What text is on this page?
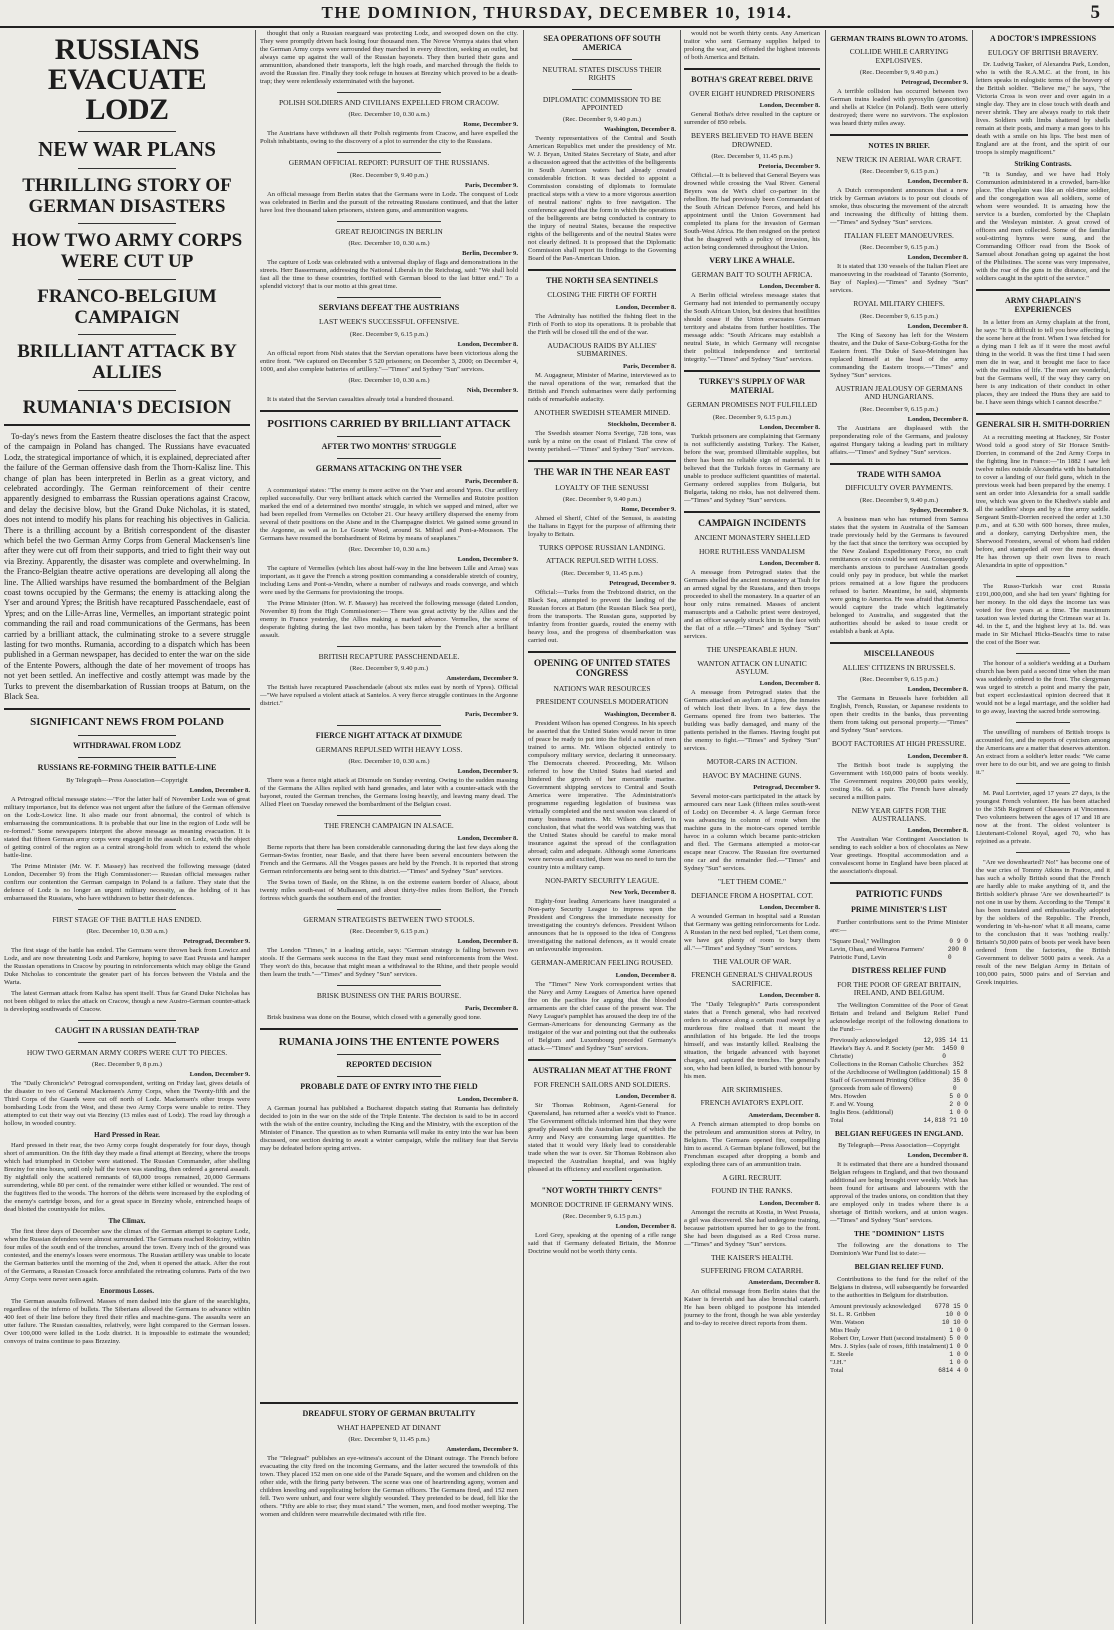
THE DOMINION, THURSDAY, DECEMBER 10, 1914.	5
RUSSIANS EVACUATE LODZ
NEW WAR PLANS
THRILLING STORY OF GERMAN DISASTERS
HOW TWO ARMY CORPS WERE CUT UP
FRANCO-BELGIUM CAMPAIGN
BRILLIANT ATTACK BY ALLIES
RUMANIA'S DECISION

To-day's news from the Eastern theatre discloses the fact that the aspect of the campaign in Poland has changed. The Russians have evacuated Lodz, the strategical importance of which, it is explained, depreciated after the failure of the German offensive dash from the Thorn-Kalisz line. This change of plan has been interpreted in Berlin as a great victory, and celebrated accordingly. The German reinforcement of their centre apparently designed to embarrass the Russian operations against Cracow, and delay the decisive blow, but the Grand Duke Nicholas, it is stated, does not intend to modify his plans for reaching his objectives in Galicia. There is a thrilling account by a British correspondent of the disaster which befel the two German Army Corps from General Mackensen's line after they were cut off from their supports, and tried to fight their way out via Breziny. Apparently, the disaster was complete and overwhelming. In the Franco-Belgian theatre active operations are developing all along the line. The Allied warships have resumed the bombardment of the Belgian coast towns occupied by the Germans; the enemy is attacking along the Yser and around Ypres; the British have recaptured Passchendaele, east of Ypres; and on the Lille-Arras line, Vermelles, an important strategic point commanding the rail and road communications of the Germans, has been carried by a brilliant attack, the culminating stroke to a severe struggle lasting for two months. Rumania, according to a dispatch which has been published in a German newspaper, has decided to enter the war on the side of the Entente Powers, although the date of her movement of troops has not yet been settled. An ineffective and costly attempt was made by the Turks to prevent the disembarkation of Russian troops at Batum, on the Black Sea.

SIGNIFICANT NEWS FROM POLAND
WITHDRAWAL FROM LODZ
RUSSIANS RE-FORMING THEIR BATTLE-LINE
By Telegraph—Press Association—Copyright
London, December 8.

A Petrograd official message states:—"For the latter half of November Lodz was of great military importance, but its defence was not urgent after the failure of the German offensive on the Lodz-Lowicz line. It also made our front abnormal, the control of which is embarrassing the communications. It is probable that our line in the region of Lodz will be re-formed." Some newspapers interpret the above message as meaning evacuation. It is stated that fifteen German army corps were engaged in the assault on Lodz, with the object of getting control of the region as a central strong-hold from which to extend the whole battle-line.

The Prime Minister (Mr. W. F. Massey) has received the following message (dated London, December 9) from the High Commissioner:— Russian official messages rather confirm our contention the German campaign in Poland is a failure. They state that the defence of Lodz is no longer an urgent military necessity, as the holding of it has embarrassed the Russians, who have withdrawn to better their defences.

FIRST STAGE OF THE BATTLE HAS ENDED.
(Rec. December 10, 0.30 a.m.)
Petrograd, December 9.

The first stage of the battle has ended. The Germans were thrown back from Lowicz and Lodz, and are now threatening Lodz and Parnkow, hoping to save East Prussia and hamper the Russian operations in Cracow by pouring in reinforcements which may oblige the Grand Duke Nicholas to concentrate the greater part of his forces between the Vistula and the Warta.

The latest German attack from Kalisz has spent itself. Thus far Grand Duke Nicholas has not been obliged to relax the attack on Cracow, though a new Austro-German counter-attack is developing southwards of Cracow.

CAUGHT IN A RUSSIAN DEATH-TRAP
HOW TWO GERMAN ARMY CORPS WERE CUT TO PIECES.
(Rec. December 9, 8 p.m.)
London, December 9.

The "Daily Chronicle's" Petrograd correspondent, writing on Friday last, gives details of the disaster to two of General Mackensen's Army Corps, when the Twenty-fifth and the Third Corps of the Guards were cut off north of Lodz. Mackensen's other troops were bombarding Lodz from the West, and these two Army Corps were unable to retire. They attempted to cut their way out via Breziny (13 miles east of Lodz). The road lay through a hollow, in wooded country.

Hard Pressed in Rear.

Hard pressed in their rear, the two Army corps fought desperately for four days, though short of ammunition. On the fifth day they made a final attempt at Breziny, where the troops which had triumphed in October were stationed. The Russian Commander, after shelling Breziny for nine hours, until only half the town was standing, then ordered a general assault. By nightfall only the scattered remnants of 60,000 troops remained, 20,000 Germans surrendering, while 80 per cent. of the remainder were either killed or wounded. The rest of the fugitives fled to the woods. The horrors of the débris were increased by the exploding of the enemy's cartridge boxes, and for a great space in Breziny whole, entrenched heaps of dead blotted the countryside for miles.

The Climax.

The first three days of December saw the climax of the German attempt to capture Lodz, when the Russian defenders were almost surrounded. The Germans reached Rokiciny, within four miles of the south end of the trenches, around the town. Every inch of the ground was contested, and the enemy's losses were enormous. The Russian artillery was unable to locate the German batteries until the morning of the 2nd, when it opened the attack. After the rout of the Germans, a Russian Cossack force annihilated the retreating columns. Parts of the two Army Corps were never seen again.

Enormous Losses.

The German assaults followed. Masses of men dashed into the glare of the searchlights, regardless of the inferno of bullets. The Siberians allowed the Germans to advance within 400 feet of their line before they fired their rifles and machine-guns. The assaults were an utter failure. The Russian casualties, relatively, were light compared to the German losses. Over 100,000 were killed in the Lodz district. It is impossible to estimate the wounded; convoys of trains continue to pass Brzeziny.

thought that only a Russian rearguard was protecting Lodz, and swooped down on the city. They were promptly driven back losing four thousand men. The Novoe Vremya states that when the German Army corps were surrounded they marched in every direction, seeking an outlet, but always came up against the wall of the Russian bayonets. They then buried their guns and ammunition, abandoned their transports, left the high roads, and marched through the fields to avoid the Russian fire. Finally they took refuge in houses at Breziny which proved to be a death-trap; they were relentlessly exterminated with the bayonet.

POLISH SOLDIERS AND CIVILIANS EXPELLED FROM CRACOW.
(Rec. December 10, 0.30 a.m.)
Rome, December 9.

The Austrians have withdrawn all their Polish regiments from Cracow, and have expelled the Polish inhabitants, owing to the discovery of a plot to surrender the city to the Russians.

GERMAN OFFICIAL REPORT: PURSUIT OF THE RUSSIANS.
(Rec. December 9, 9.40 p.m.)
Paris, December 9.

An official message from Berlin states that the Germans were in Lodz. The conquest of Lodz was celebrated in Berlin and the pursuit of the retreating Russians continued, and that the latter have lost five thousand taken prisoners, sixteen guns, and ammunition wagons.

GREAT REJOICINGS IN BERLIN
(Rec. December 10, 0.30 a.m.)
Berlin, December 9.

The capture of Lodz was celebrated with a universal display of flags and demonstrations in the streets. Herr Bassermann, addressing the National Liberals in the Reichstag, said: "We shall hold fast all the time to these countries, fortified with German blood to the last bitter end." To a splendid victory! that is our motto at this great time.

SERVIANS DEFEAT THE AUSTRIANS
LAST WEEK'S SUCCESSFUL OFFENSIVE.
(Rec. December 9, 6.15 p.m.)
London, December 8.

An official report from Nish states that the Servian operations have been victorious along the entire front. "We captured on December 5 520 prisoners; on December 3, 2000; on December 4, 1000, and also complete batteries of artillery."—"Times" and Sydney "Sun" services.

(Rec. December 10, 0.30 a.m.)
Nish, December 9.

It is stated that the Servian casualties already total a hundred thousand.

POSITIONS CARRIED BY BRILLIANT ATTACK
AFTER TWO MONTHS' STRUGGLE
GERMANS ATTACKING ON THE YSER
Paris, December 8.

A communiqué states: "The enemy is more active on the Yser and around Ypres. Our artillery replied successfully. Our very brilliant attack which carried the Vermelles and Rutoire position marked the end of a determined two months' struggle, in which we sapped and mined, after we had been repelled from Vermelles on October 21. Our heavy artillery dispersed the enemy from several of their positions on the Aisne and in the Champagne district. We gained some ground in the Argonne, as well as in Le Gourie Wood, around St. Mihiel and Pont-a-Mousson. The Germans have resumed the bombardment of Reims by means of seaplanes."

(Rec. December 10, 0.30 a.m.)
London, December 9.

The capture of Vermelles (which lies about half-way in the line between Lille and Arras) was important, as it gave the French a strong position commanding a considerable stretch of country, including Lens and Pont-a-Vendin, where a number of railways and roads converge, and which were used by the Germans for provisioning the troops.

The Prime Minister (Hon. W. F. Massey) has received the following message (dated London, November 8) from the High Commissioner:— There was great activity by the Allies and the enemy in France yesterday, the Allies making a marked advance. Vermelles, the scene of desperate fighting during the last two months, has been taken by the French after a brilliant assault.

BRITISH RECAPTURE PASSCHENDAELE.
(Rec. December 9, 9.40 p.m.)
Amsterdam, December 9.

The British have recaptured Passchendaele (about six miles east by north of Ypres). Official—"We have repulsed a violent attack at Santelos. A very fierce struggle continues in the Argonne district."

Paris, December 9.
FIERCE NIGHT ATTACK AT DIXMUDE
GERMANS REPULSED WITH HEAVY LOSS.
(Rec. December 10, 0.30 a.m.)
London, December 9.

There was a fierce night attack at Dixmude on Sunday evening. Owing to the sudden massing of the Germans the Allies replied with hand grenades, and later with a counter-attack with the bayonet, routed the German trenches, the Germans losing heavily, and leaving many dead. The Allied Fleet on Tuesday renewed the bombardment of the Belgian coast.

THE FRENCH CAMPAIGN IN ALSACE.
London, December 8.

Berne reports that there has been considerable cannonading during the last few days along the German-Swiss frontier, near Basle, and that there have been several encounters between the French and the Germans. All the Vosges passes are held by the French. It is reported that strong German reinforcements are being sent to this district.—"Times" and Sydney "Sun" services.

The Swiss town of Basle, on the Rhine, is on the extreme eastern border of Alsace, about twenty miles south-east of Mulhausen, and about thirty-five miles from Belfort, the French fortress which guards the southern end of the frontier.

GERMAN STRATEGISTS BETWEEN TWO STOOLS.
(Rec. December 9, 6.15 p.m.)
London, December 8.

The London "Times," in a leading article, says: "German strategy is falling between two stools. If the Germans seek success in the East they must send reinforcements from the West. They won't do this, because that might mean a withdrawal to the Rhine, and their people would then learn the truth."—"Times" and Sydney "Sun" services.

BRISK BUSINESS ON THE PARIS BOURSE.
Paris, December 8.

Brisk business was done on the Bourse, which closed with a generally good tone.

RUMANIA JOINS THE ENTENTE POWERS
REPORTED DECISION
PROBABLE DATE OF ENTRY INTO THE FIELD
London, December 8.

A German journal has published a Bucharest dispatch stating that Rumania has definitely decided to join in the war on the side of the Triple Entente. The decision is said to be in accord with the wish of the entire country, including the King and the Ministry, with the exception of the Minister of Finance. The question as to when Rumania will make its entry into the war has been discussed, one section desiring to await a winter campaign, while the military fear that Servia may be defeated before spring arrives.

DREADFUL STORY OF GERMAN BRUTALITY
WHAT HAPPENED AT DINANT
(Rec. December 9, 11.45 p.m.)
Amsterdam, December 9.

The "Telegraaf" publishes an eye-witness's account of the Dinant outrage. The French before evacuating the city fired on the incoming Germans, and the latter secured the townsfolk of this town. They placed 152 men on one side of the Parade Square, and the women and children on the other side, with the firing party between. The scene was one of heartrending agony, women and children kneeling and supplicating before the German officers. The Germans fired, and 152 men fell. Two were unhurt, and four were slightly wounded. They pretended to be dead, fell like the others. "Fifty are able to rise; they must stand." The women, men, and food mother weeping. The women and children were meanwhile decimated with rifle fire.

SEA OPERATIONS OFF SOUTH AMERICA
NEUTRAL STATES DISCUSS THEIR RIGHTS
DIPLOMATIC COMMISSION TO BE APPOINTED
(Rec. December 9, 9.40 p.m.)
Washington, December 8.

Twenty representatives of the Central and South American Republics met under the presidency of Mr. W. J. Bryan, United States Secretary of State, and after a discussion agreed that the activities of the belligerents in South American waters had already created considerable friction. It was decided to appoint a Commission consisting of diplomats to formulate practical steps with a view to a more vigorous assertion of neutral nations' rights to free navigation. The conference agreed that the form in which the operations of the belligerents are being conducted is contrary to the injury of neutral States, because the respective rights of the belligerents and of the neutral States were not clearly defined. It is proposed that the Diplomatic Commission shall report its findings to the Governing Board of the Pan-American Union.

THE NORTH SEA SENTINELS
CLOSING THE FIRTH OF FORTH
London, December 8.

The Admiralty has notified the fishing fleet in the Firth of Forth to stop its operations. It is probable that the Firth will be closed till the end of the war.

AUDACIOUS RAIDS BY ALLIES' SUBMARINES.
Paris, December 8.

M. Augagneur, Minister of Marine, interviewed as to the naval operations of the war, remarked that the British and French submarines were daily performing raids of remarkable audacity.

ANOTHER SWEDISH STEAMER MINED.
Stockholm, December 8.

The Swedish steamer Norra Sverige, 728 tons, was sunk by a mine on the coast of Finland. The crew of twenty perished.—"Times" and Sydney "Sun" services.

THE WAR IN THE NEAR EAST
LOYALTY OF THE SENUSSI
(Rec. December 9, 9.40 p.m.)
Rome, December 9.

Ahmed el Sherif, Chief of the Senussi, is assisting the Italians in Egypt for the purpose of affirming their loyalty to Britain.

TURKS OPPOSE RUSSIAN LANDING.
ATTACK REPULSED WITH LOSS.
(Rec. December 9, 11.45 p.m.)
Petrograd, December 9.

Official:—Turks from the Trebizond district, on the Black Sea, attempted to prevent the landing of the Russian forces at Batum (the Russian Black Sea port), from the transports. The Russian guns, supported by infantry from frontier guards, routed the enemy with heavy loss, and the progress of disembarkation was carried out.

OPENING OF UNITED STATES CONGRESS
NATION'S WAR RESOURCES
PRESIDENT COUNSELS MODERATION
Washington, December 8.

President Wilson has opened Congress. In his speech he asserted that the United States would never in time of peace be ready to put into the field a nation of men trained to arms. Mr. Wilson objected entirely to compulsory military service, declaring it unnecessary. The Democrats cheered. Proceeding, Mr. Wilson referred to how the United States had started and hindered the growth of her mercantile marine. Government shipping services to Central and South America were imperative. The Administration's programme regarding legislation of business was virtually completed and the next session was cleared of many business matters. Mr. Wilson declared, in conclusion, that what the world was watching was that the United States should be careful to make moral insurance against the spread of the conflagration abroad; calm and adequate. Although some Americans were nervous and excited, there was no need to turn the country into a military camp.

NON-PARTY SECURITY LEAGUE.
New York, December 8.

Eighty-four leading Americans have inaugurated a Non-party Security League to impress upon the President and Congress the immediate necessity for investigating the country's defences. President Wilson announces that he is opposed to the idea of Congress investigating the national defences, as it would create an unfavourable impression.

GERMAN-AMERICAN FEELING ROUSED.
London, December 8.

The "Times'" New York correspondent writes that the Navy and Army Leagues of America have opened fire on the pacifists for arguing that the blooded armaments are the chief cause of the present war. The Navy League's pamphlet has aroused the deep ire of the German-Americans for denouncing Germany as the instigator of the war and pointing out that the outbreaks of Belgium and Luxembourg preceded Germany's attack.—"Times" and Sydney "Sun" services.

AUSTRALIAN MEAT AT THE FRONT
FOR FRENCH SAILORS AND SOLDIERS.
London, December 8.

Sir Thomas Robinson, Agent-General for Queensland, has returned after a week's visit to France. The Government officials informed him that they were greatly pleased with the Australian meat, of which the Army and Navy are consuming large quantities. He stated that it would very likely lead to considerable trade when the war is over. Sir Thomas Robinson also inspected the Australian hospital, and was highly pleased at its efficiency and excellent organisation.

"NOT WORTH THIRTY CENTS"
MONROE DOCTRINE IF GERMANY WINS.
(Rec. December 9, 6.15 p.m.)
London, December 8.

Lord Grey, speaking at the opening of a rifle range said that if Germany defeated Britain, the Monroe Doctrine would not be worth thirty cents.

would not be worth thirty cents. Any American traitor who sent Germany supplies helped to prolong the war, and offended the highest interests of both America and Britain.

BOTHA'S GREAT REBEL DRIVE
OVER EIGHT HUNDRED PRISONERS
London, December 8.

General Botha's drive resulted in the capture or surrender of 850 rebels.

BEYERS BELIEVED TO HAVE BEEN DROWNED.
(Rec. December 9, 11.45 p.m.)
Pretoria, December 9.

Official.—It is believed that General Beyers was drowned while crossing the Vaal River. General Beyers was de Wet's chief co-partner in the rebellion. He had previously been Commandant of the South African Defence Forces, and held his appointment until the Union Government had completed its plans for the invasion of German South-West Africa. He then resigned on the pretext that he disagreed with a policy of invasion, his action being condemned throughout the Union.

VERY LIKE A WHALE.
GERMAN BAIT TO SOUTH AFRICA.
London, December 8.

A Berlin official wireless message states that Germany had not intended to permanently occupy the South African Union, but desires that hostilities should cease if the Union evacuates German territory and abstains from further hostilities. The message adds: "South Africans may establish a neutral State, in which Germany will recognise their political independence and territorial integrity."—"Times" and Sydney "Sun" services.

TURKEY'S SUPPLY OF WAR MATERIAL
GERMAN PROMISES NOT FULFILLED
(Rec. December 9, 6.15 p.m.)
London, December 8.

Turkish prisoners are complaining that Germany is not sufficiently assisting Turkey. The Kaiser, before the war, promised illimitable supplies, but there has been no reliable sign of material. It is believed that the Turkish forces in Germany are unable to produce sufficient quantities of material. Germany ordered supplies from Bulgaria, but Bulgaria, taking no risks, has not delivered them.—"Times" and Sydney "Sun" services.

CAMPAIGN INCIDENTS
ANCIENT MONASTERY SHELLED
HORE RUTHLESS VANDALISM
London, December 8.

A message from Petrograd states that the Germans shelled the ancient monastery at Tsuh for an armed signal by the Russians, and then troops proceeded to shell the monastery. In a quarter of an hour only ruins remained. Masses of ancient manuscripts and a Catholic priest were destroyed, and an officer savagely struck him in the face with the flat of a rifle.—"Times" and Sydney "Sun" services.

THE UNSPEAKABLE HUN.
WANTON ATTACK ON LUNATIC ASYLUM.
London, December 8.

A message from Petrograd states that the Germans attacked an asylum at Lipno, the inmates of which lost their lives. In a few days the Germans opened fire from two batteries. The building was badly damaged, and many of the patients perished in the flames. Having fought put the enemy to fight.—"Times" and Sydney "Sun" services.

MOTOR-CARS IN ACTION.
HAVOC BY MACHINE GUNS.
Petrograd, December 9.

Several motor-cars participated in the attack by armoured cars near Lask (fifteen miles south-west of Lodz) on December 4. A large German force was advancing in column of route when the machine guns in the motor-cars opened terrible havoc in a column which became panic-stricken and fled. The Germans attempted a motor-car escape near Cracow. The Russian fire overturned one car and the remainder fled.—"Times" and Sydney "Sun" services.

"LET THEM COME."
DEFIANCE FROM A HOSPITAL COT.
London, December 8.

A wounded German in hospital said a Russian that Germany was getting reinforcements for Lodz. A Russian in the next bed replied, "Let them come, we have got plenty of room to bury them all."—"Times" and Sydney "Sun" services.

THE VALOUR OF WAR.
FRENCH GENERAL'S CHIVALROUS SACRIFICE.
London, December 8.

The "Daily Telegraph's" Paris correspondent states that a French general, who had received orders to advance along a certain road swept by a murderous fire realised that it meant the annihilation of his brigade. He led the troops himself, and was instantly killed. Realising the situation, the brigade advanced with bayonet charges, and captured the trenches. The general's son, who had been killed, is buried with honour by his men.

AIR SKIRMISHES.
FRENCH AVIATOR'S EXPLOIT.
Amsterdam, December 8.

A French airman attempted to drop bombs on the petroleum and ammunition stores at Peltry, in Belgium. The Germans opened fire, compelling him to ascend. A German biplane followed, but the Frenchman escaped after dropping a bomb and exploding three cars of an ammunition train.

A GIRL RECRUIT.
FOUND IN THE RANKS.
London, December 8.

Amongst the recruits at Kostia, in West Prussia, a girl was discovered. She had undergone training, because patriotism spurred her to go to the front. She had been disguised as a Red Cross nurse.—"Times" and Sydney "Sun" services.

THE KAISER'S HEALTH.
SUFFERING FROM CATARRH.
Amsterdam, December 8.

An official message from Berlin states that the Kaiser is feverish and has also bronchial catarrh. He has been obliged to postpone his intended journey to the front, though he was able yesterday and to-day to receive direct reports from them.

GERMAN TRAINS BLOWN TO ATOMS.
COLLIDE WHILE CARRYING EXPLOSIVES.
(Rec. December 9, 9.40 p.m.)
Petrograd, December 9.

A terrible collision has occurred between two German trains loaded with pyroxylin (guncotton) and shells at Kielce (in Poland). Both were utterly destroyed; there were no survivors. The explosion was heard thirty miles away.

NOTES IN BRIEF.
NEW TRICK IN AERIAL WAR CRAFT.
(Rec. December 9, 6.15 p.m.)
London, December 8.

A Dutch correspondent announces that a new trick by German aviators is to pour out clouds of smoke, thus obscuring the movement of the aircraft and increasing the difficulty of hitting them.—"Times" and Sydney "Sun" services.

ITALIAN FLEET MANOEUVRES.
(Rec. December 9, 6.15 p.m.)
London, December 8.

It is stated that 130 vessels of the Italian Fleet are manoeuvring in the roadstead of Taranto (Sorrento, Bay of Naples).—"Times" and Sydney "Sun" services.

ROYAL MILITARY CHIEFS.
(Rec. December 9, 6.15 p.m.)
London, December 8.

The King of Saxony has left for the Western theatre, and the Duke of Saxe-Coburg-Gotha for the Eastern front. The Duke of Saxe-Meiningen has replaced himself at the head of the army commanding the Eastern troops.—"Times" and Sydney "Sun" services.

AUSTRIAN JEALOUSY OF GERMANS AND HUNGARIANS.
(Rec. December 9, 6.15 p.m.)
London, December 8.

The Austrians are displeased with the preponderating role of the Germans, and jealousy against Hungary taking a leading part in military affairs.—"Times" and Sydney "Sun" services.

TRADE WITH SAMOA
DIFFICULTY OVER PAYMENTS.
(Rec. December 9, 9.40 p.m.)
Sydney, December 9.

A business man who has returned from Samoa states that the system in Australia of the Samoan trade previously held by the Germans is favoured by the fact that since the territory was occupied by the New Zealand Expeditionary Force, no craft remittances or coin could be sent out. Consequently merchants anxious to purchase Australian goods could only pay in produce, but while the market prices remained at a low figure the producers refused to barter. Meantime, he said, shipments were going to America. He was afraid that America would capture the trade which legitimately belonged to Australia, and suggested that the authorities should be asked to issue credit or establish a bank at Apia.

MISCELLANEOUS
ALLIES' CITIZENS IN BRUSSELS.
(Rec. December 9, 6.15 p.m.)
London, December 8.

The Germans in Brussels have forbidden all English, French, Russian, or Japanese residents to open their credits in the banks, thus preventing them from taking out personal property.—"Times" and Sydney "Sun" services.

BOOT FACTORIES AT HIGH PRESSURE.
London, December 8.

The British boot trade is supplying the Government with 160,000 pairs of boots weekly. The Government requires 200,000 pairs weekly, costing 16s. 6d. a pair. The French have already secured a million pairs.

NEW YEAR GIFTS FOR THE AUSTRALIANS.
London, December 8.

The Australian War Contingent Association is sending to each soldier a box of chocolates as New Year greetings. Hospital accommodation and a convalescent home in England have been placed at the association's disposal.

PATRIOTIC FUNDS
PRIME MINISTER'S LIST

Further contributions sent to the Prime Minister are:—

"Square Deal," Wellington	0 9 0
Levin, Ohau, and Weraroa Farmers' Patriotic Fund, Levin
200 0 0
DISTRESS RELIEF FUND
FOR THE POOR OF GREAT BRITAIN, IRELAND, AND BELGIUM.

The Wellington Committee of the Poor of Great Britain and Ireland and Belgium Relief Fund acknowledge receipt of the following donations to the Fund:—

Previously acknowledged	12,935 14 11
Hawke's Bay A. and P. Society (per Mr. Christie)
1450 0 0
Collections in the Roman Catholic Churches of the Archdiocese of Wellington (additional)
352 15 8
Staff of Government Printing Office (proceeds from sale of flowers)
35 0 0
Mrs. Howden	5 0 0
F. and W. Young	2 0 0
Inglis Bros. (additional)	1 0 0
Total	14,818 ?1 10
BELGIAN REFUGEES IN ENGLAND.
By Telegraph—Press Association—Copyright
London, December 8.

It is estimated that there are a hundred thousand Belgian refugees in England, and that two thousand additional are being brought over weekly. Work has been found for artisans and labourers with the approval of the trades unions, on condition that they are employed only in trades where there is a shortage of British workers, and at union wages.—"Times" and Sydney "Sun" services.

THE "DOMINION" LISTS

The following are the donations to The Dominion's War Fund list to date:—

BELGIAN RELIEF FUND.

Contributions to the fund for the relief of the Belgians in distress, will subsequently be forwarded to the authorities in Belgium for distribution.

Amount previously acknowledged 6778 15 0
St. L. R. Gribben	10 0 0
Wm. Watson	10 10 0
Miss Healy	1 0 0
Robert Orr, Lower Hutt (second instalment) 5 0 0
Mrs. J. Styles (sale of roses, fifth instalment) 1 0 0
E. Steele	1 0 0
"J.H."	1 0 0
Total	6814 4 0
A DOCTOR'S IMPRESSIONS
EULOGY OF BRITISH BRAVERY.

Dr. Ludwig Tasker, of Alexandra Park, London, who is with the R.A.M.C. at the front, in his letters speaks in eulogistic terms of the bravery of the British soldier. "Believe me," he says, "the Victoria Cross is won over and over again in a single day. They are in close touch with death and never shrink. They are always ready to risk their lives. Soldiers with limbs shattered by shells remain at their posts, and many a man goes to his death with a smile on his lips. The best men of England are at the front, and the spirit of our troops is simply magnificent."

Striking Contrasts.

"It is Sunday, and we have had Holy Communion administered in a crowded, barn-like place. The chaplain was like an old-time soldier, and the congregation was all soldiers, some of whom were wounded. It is amazing how the service is a burden, comforted by the Chaplain and the Wesleyan minister. A great crowd of officers and men collected. Some of the familiar soul-stirring hymns were sung, and the Commanding Officer read from the Book of Samuel about Jonathan going up against the host of the Philistines. The scene was very impressive, with the roar of the guns in the distance, and the soldiers caught in the spirit of the service."

ARMY CHAPLAIN'S EXPERIENCES

In a letter from an Army chaplain at the front, he says: "It is difficult to tell you how affecting is the scene here at the front. When I was fetched for a dying man I felt as if it were the most awful thing in the world. It was the first time I had seen men die in war, and it brought me face to face with the realities of life. The men are wonderful, but the Germans well, if the way they carry on here is any indication of their conduct in other places, they are indeed the Huns they are said to be. I have seen things which I cannot describe."

GENERAL SIR H. SMITH-DORRIEN

At a recruiting meeting at Hackney, Sir Foster Wood told a good story of Sir Horace Smith-Dorrien, in command of the 2nd Army Corps in the fighting line in France:—"In 1882 I saw left twelve miles outside Alexandria with his battalion to cover a landing of our field guns, which in the previous week had been prepared by the enemy. I sent an order into Alexandria for a small saddle tree, which was given to the Khedive's stable and all the saddlers' shops and by a fine army saddle. Sergeant Smith-Dorrien received the order at 1.30 p.m., and at 6.30 with 600 horses, three mules, and a donkey, carrying Derbyshire men, the Sherwood Foresters, several of whom had ridden before, and stampeded all over the mess desert. He has thrown up their own lives to reach Alexandria in spite of opposition."

The Russo-Turkish war cost Russia £191,000,000, and she had ten years' fighting for her money. In the old days the income tax was voted for five years at a time. The maximum taxation was levied during the Crimean war at 1s. 4d. in the £, and the highest levy at 1s. 8d. was made in Sir Michael Hicks-Beach's time to raise the cost of the Boer war.

The honour of a soldier's wedding at a Durham church has been paid a second time when the man was suddenly ordered to the front. The clergyman was urged to stretch a point and marry the pair, but expert ecclesiastical opinion decreed that it would not be a legal marriage, and the soldier had to go away, leaving the sacred bride sorrowing.

The unwilling of numbers of British troops is accounted for, and the reports of cynicism among the Americans are a matter that deserves attention. An extract from a soldier's letter reads: "We came over here to do our bit, and we are going to finish it."

M. Paul Lorrivier, aged 17 years 27 days, is the youngest French volunteer. He has been attached to the 35th Regiment of Chasseurs at Vincennes. Two volunteers between the ages of 17 and 18 are now at the front. The oldest volunteer is Lieutenant-Colonel Royal, aged 70, who has rejoined as a private.

"Are we downhearted? No!" has become one of the war cries of Tommy Atkins in France, and it has such a wholly British sound that the French are hardly able to make anything of it, and the British soldier's phrase 'Are we downhearted?' is not one in use by them. According to the 'Temps' it has been translated and enthusiastically adopted by the soldiers of the Republic. The French, wondering in 'eh-ha-non' what it all means, came to the conclusion that it was 'nothing really.' Britain's 50,000 pairs of boots per week have been ordered from the factories, the British Government to deliver 5000 pairs a week. As a result of the new Belgian Army in Britain of 100,000 pairs, 5000 pairs and of Servian and Greek inquiries.
